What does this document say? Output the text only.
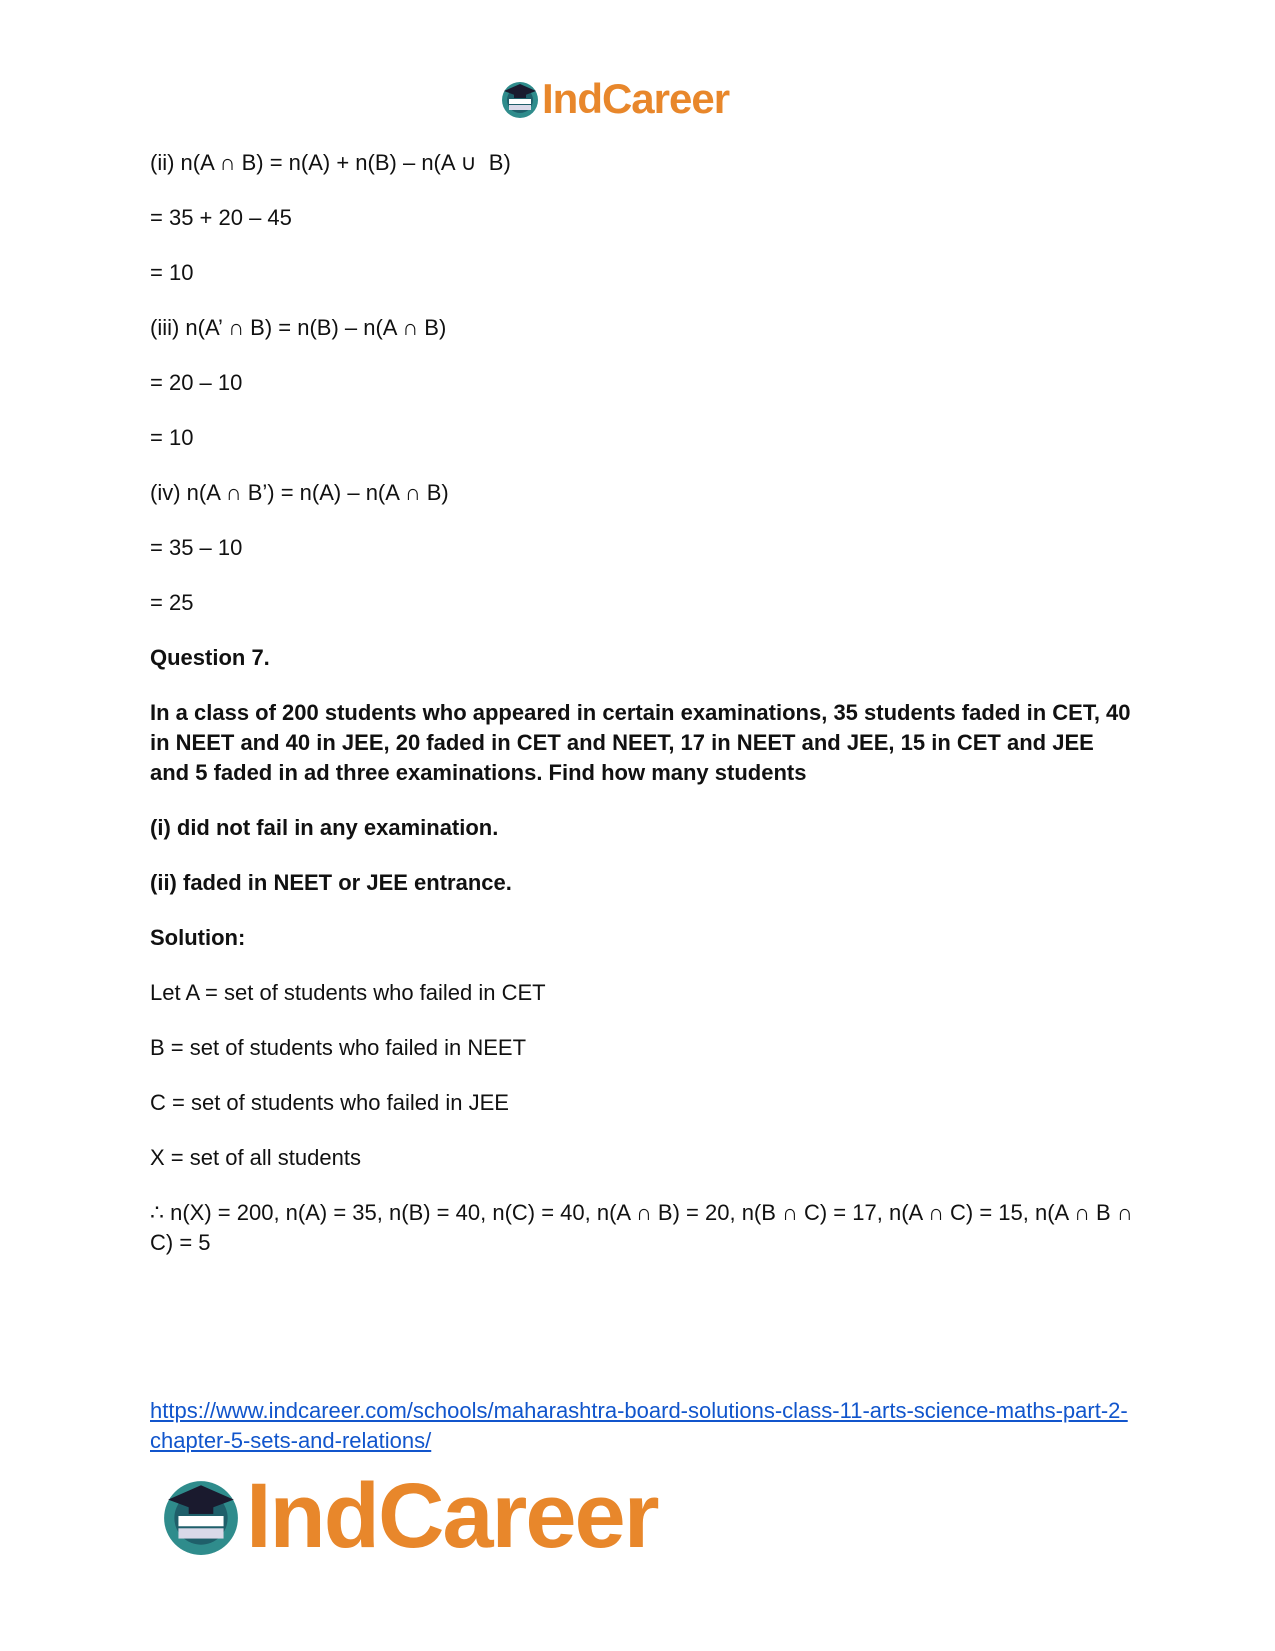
IndCareer

(ii) n(A ∩ B) = n(A) + n(B) – n(A ∪  B)

= 35 + 20 – 45

= 10

(iii) n(A’ ∩ B) = n(B) – n(A ∩ B)

= 20 – 10

= 10

(iv) n(A ∩ B’) = n(A) – n(A ∩ B)

= 35 – 10

= 25

Question 7.

In a class of 200 students who appeared in certain examinations, 35 students faded in CET, 40 in NEET and 40 in JEE, 20 faded in CET and NEET, 17 in NEET and JEE, 15 in CET and JEE and 5 faded in ad three examinations. Find how many students

(i) did not fail in any examination.

(ii) faded in NEET or JEE entrance.

Solution:

Let A = set of students who failed in CET

B = set of students who failed in NEET

C = set of students who failed in JEE

X = set of all students

∴ n(X) = 200, n(A) = 35, n(B) = 40, n(C) = 40, n(A ∩ B) = 20, n(B ∩ C) = 17, n(A ∩ C) = 15, n(A ∩ B ∩ C) = 5

https://www.indcareer.com/schools/maharashtra-board-solutions-class-11-arts-science-maths-part-2-chapter-5-sets-and-relations/
IndCareer
